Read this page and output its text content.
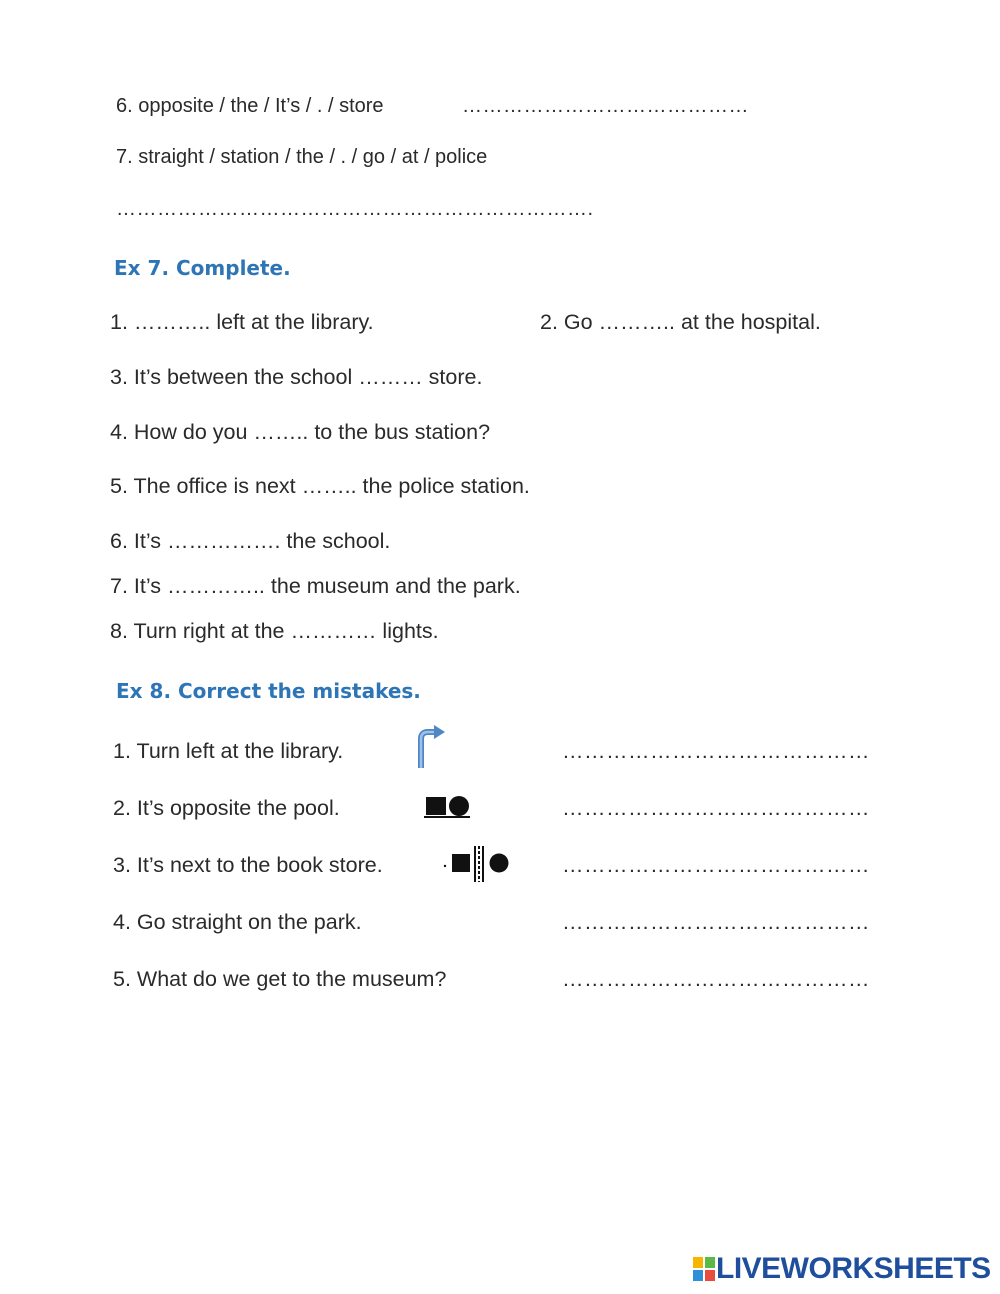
6. opposite / the / It’s / . / store	……………………………………
7. straight / station / the / . / go / at / police
…………………………………………………………….
Ex 7. Complete.
1. ……….. left at the library.	2. Go ……….. at the hospital.
3. It’s between the school ……… store.
4. How do you …….. to the bus station?
5. The office is next …….. the police station.
6. It’s ……………. the school.
7. It’s ………….. the museum and the park.
8. Turn right at the ………… lights.
Ex 8. Correct the mistakes.
1. Turn left at the library.	……………………………………
2. It’s opposite the pool.	……………………………………
3. It’s next to the book store.	……………………………………
4. Go straight on the park.	……………………………………
5. What do we get to the museum?	……………………………………
LIVEWORKSHEETS
